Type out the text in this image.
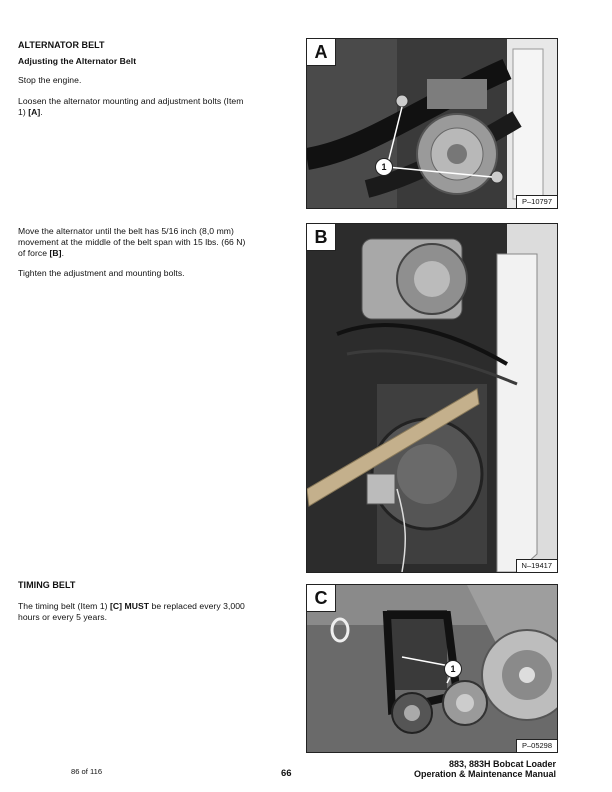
ALTERNATOR BELT
Adjusting the Alternator Belt
Stop the engine.
Loosen the alternator mounting and adjustment bolts (Item
1) [A].
Move the alternator until the belt has 5/16 inch (8,0 mm)
movement at the middle of the belt span with 15 lbs. (66 N)
of force [B].
Tighten the adjustment and mounting bolts.
TIMING BELT
The timing belt (Item 1) [C] MUST be replaced every 3,000
hours or every 5 years.
A
1
P–10797
B
N–19417
C
1
P–05298
86 of 116	66
883, 883H Bobcat Loader
Operation & Maintenance Manual
